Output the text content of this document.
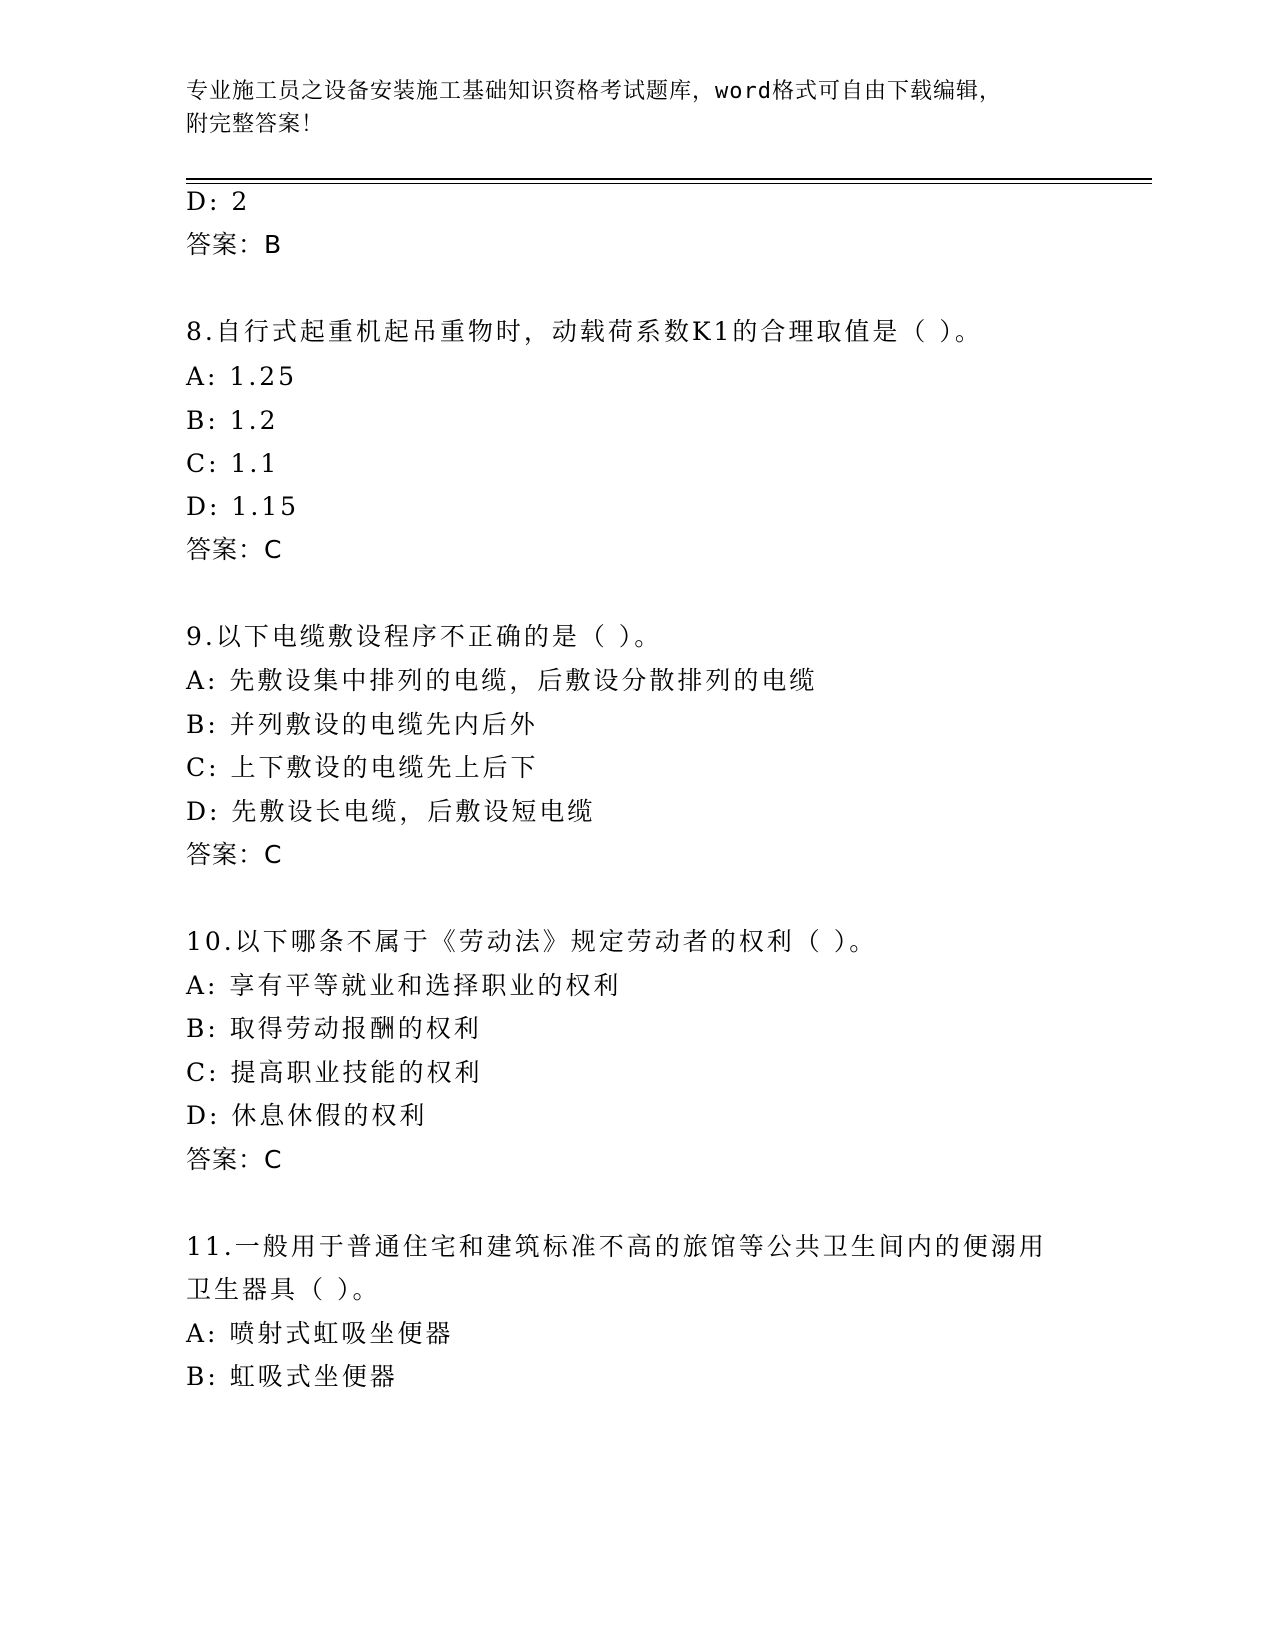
专业施工员之设备安装施工基础知识资格考试题库，word格式可自由下载编辑，
附完整答案！
D: 2
答案：B
8.自行式起重机起吊重物时，动载荷系数K1的合理取值是（ ）。
A: 1.25
B: 1.2
C: 1.1
D: 1.15
答案：C
9.以下电缆敷设程序不正确的是（ ）。
A: 先敷设集中排列的电缆，后敷设分散排列的电缆
B: 并列敷设的电缆先内后外
C: 上下敷设的电缆先上后下
D: 先敷设长电缆，后敷设短电缆
答案：C
10.以下哪条不属于《劳动法》规定劳动者的权利（ ）。
A: 享有平等就业和选择职业的权利
B: 取得劳动报酬的权利
C: 提高职业技能的权利
D: 休息休假的权利
答案：C
11.一般用于普通住宅和建筑标准不高的旅馆等公共卫生间内的便溺用
卫生器具（ ）。
A: 喷射式虹吸坐便器
B: 虹吸式坐便器
